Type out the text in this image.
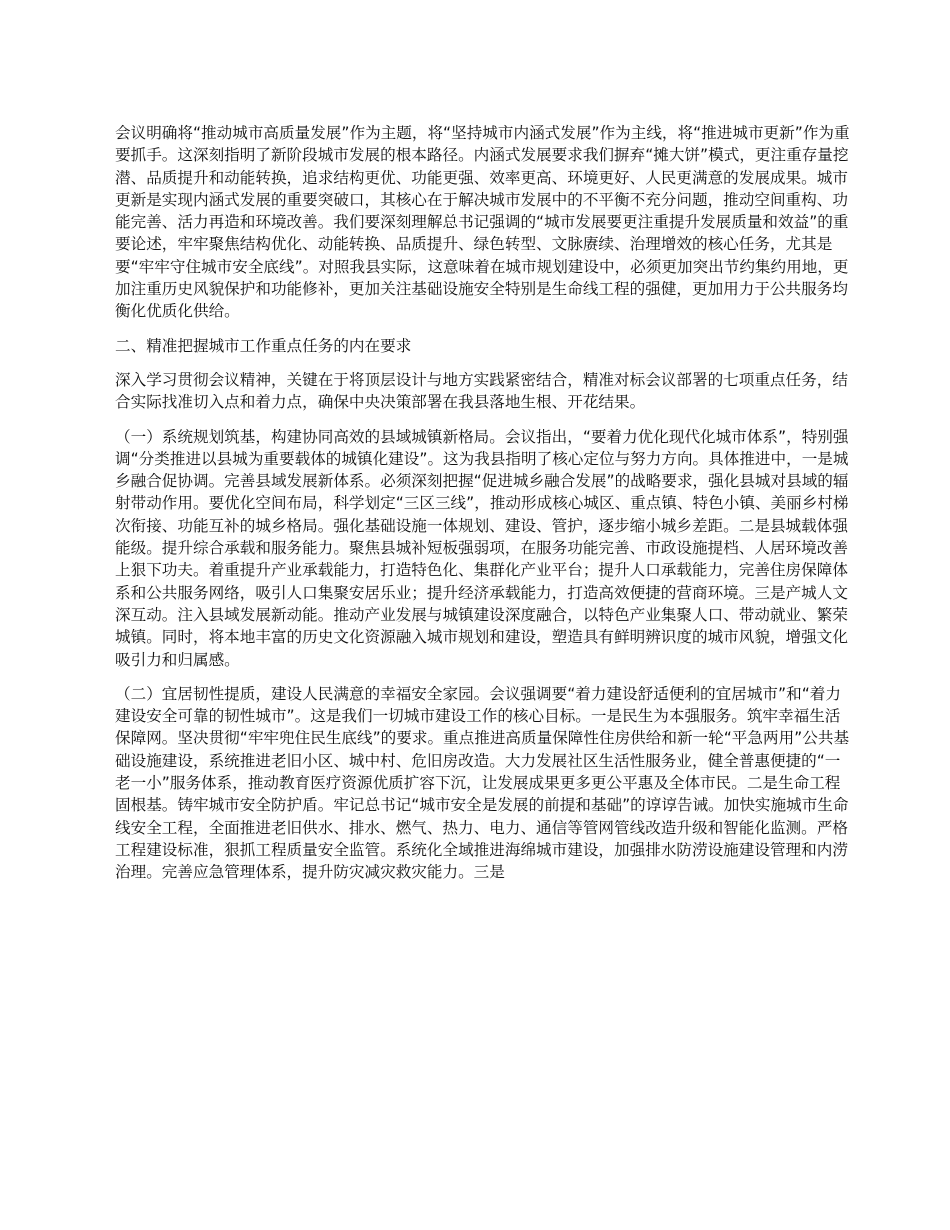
会议明确将“推动城市高质量发展”作为主题，将“坚持城市内涵式发展”作为主线，将“推进城市更新”作为重要抓手。这深刻指明了新阶段城市发展的根本路径。内涵式发展要求我们摒弃“摊大饼”模式，更注重存量挖潜、品质提升和动能转换，追求结构更优、功能更强、效率更高、环境更好、人民更满意的发展成果。城市更新是实现内涵式发展的重要突破口，其核心在于解决城市发展中的不平衡不充分问题，推动空间重构、功能完善、活力再造和环境改善。我们要深刻理解总书记强调的“城市发展要更注重提升发展质量和效益”的重要论述，牢牢聚焦结构优化、动能转换、品质提升、绿色转型、文脉赓续、治理增效的核心任务，尤其是要“牢牢守住城市安全底线”。对照我县实际，这意味着在城市规划建设中，必须更加突出节约集约用地，更加注重历史风貌保护和功能修补，更加关注基础设施安全特别是生命线工程的强健，更加用力于公共服务均衡化优质化供给。

二、精准把握城市工作重点任务的内在要求

深入学习贯彻会议精神，关键在于将顶层设计与地方实践紧密结合，精准对标会议部署的七项重点任务，结合实际找准切入点和着力点，确保中央决策部署在我县落地生根、开花结果。

（一）系统规划筑基，构建协同高效的县域城镇新格局。会议指出，“要着力优化现代化城市体系”，特别强调“分类推进以县城为重要载体的城镇化建设”。这为我县指明了核心定位与努力方向。具体推进中，一是城乡融合促协调。完善县域发展新体系。必须深刻把握“促进城乡融合发展”的战略要求，强化县城对县域的辐射带动作用。要优化空间布局，科学划定“三区三线”，推动形成核心城区、重点镇、特色小镇、美丽乡村梯次衔接、功能互补的城乡格局。强化基础设施一体规划、建设、管护，逐步缩小城乡差距。二是县城载体强能级。提升综合承载和服务能力。聚焦县城补短板强弱项，在服务功能完善、市政设施提档、人居环境改善上狠下功夫。着重提升产业承载能力，打造特色化、集群化产业平台；提升人口承载能力，完善住房保障体系和公共服务网络，吸引人口集聚安居乐业；提升经济承载能力，打造高效便捷的营商环境。三是产城人文深互动。注入县域发展新动能。推动产业发展与城镇建设深度融合，以特色产业集聚人口、带动就业、繁荣城镇。同时，将本地丰富的历史文化资源融入城市规划和建设，塑造具有鲜明辨识度的城市风貌，增强文化吸引力和归属感。

（二）宜居韧性提质，建设人民满意的幸福安全家园。会议强调要“着力建设舒适便利的宜居城市”和“着力建设安全可靠的韧性城市”。这是我们一切城市建设工作的核心目标。一是民生为本强服务。筑牢幸福生活保障网。坚决贯彻“牢牢兜住民生底线”的要求。重点推进高质量保障性住房供给和新一轮“平急两用”公共基础设施建设，系统推进老旧小区、城中村、危旧房改造。大力发展社区生活性服务业，健全普惠便捷的“一老一小”服务体系，推动教育医疗资源优质扩容下沉，让发展成果更多更公平惠及全体市民。二是生命工程固根基。铸牢城市安全防护盾。牢记总书记“城市安全是发展的前提和基础”的谆谆告诫。加快实施城市生命线安全工程，全面推进老旧供水、排水、燃气、热力、电力、通信等管网管线改造升级和智能化监测。严格工程建设标准，狠抓工程质量安全监管。系统化全域推进海绵城市建设，加强排水防涝设施建设管理和内涝治理。完善应急管理体系，提升防灾减灾救灾能力。三是
